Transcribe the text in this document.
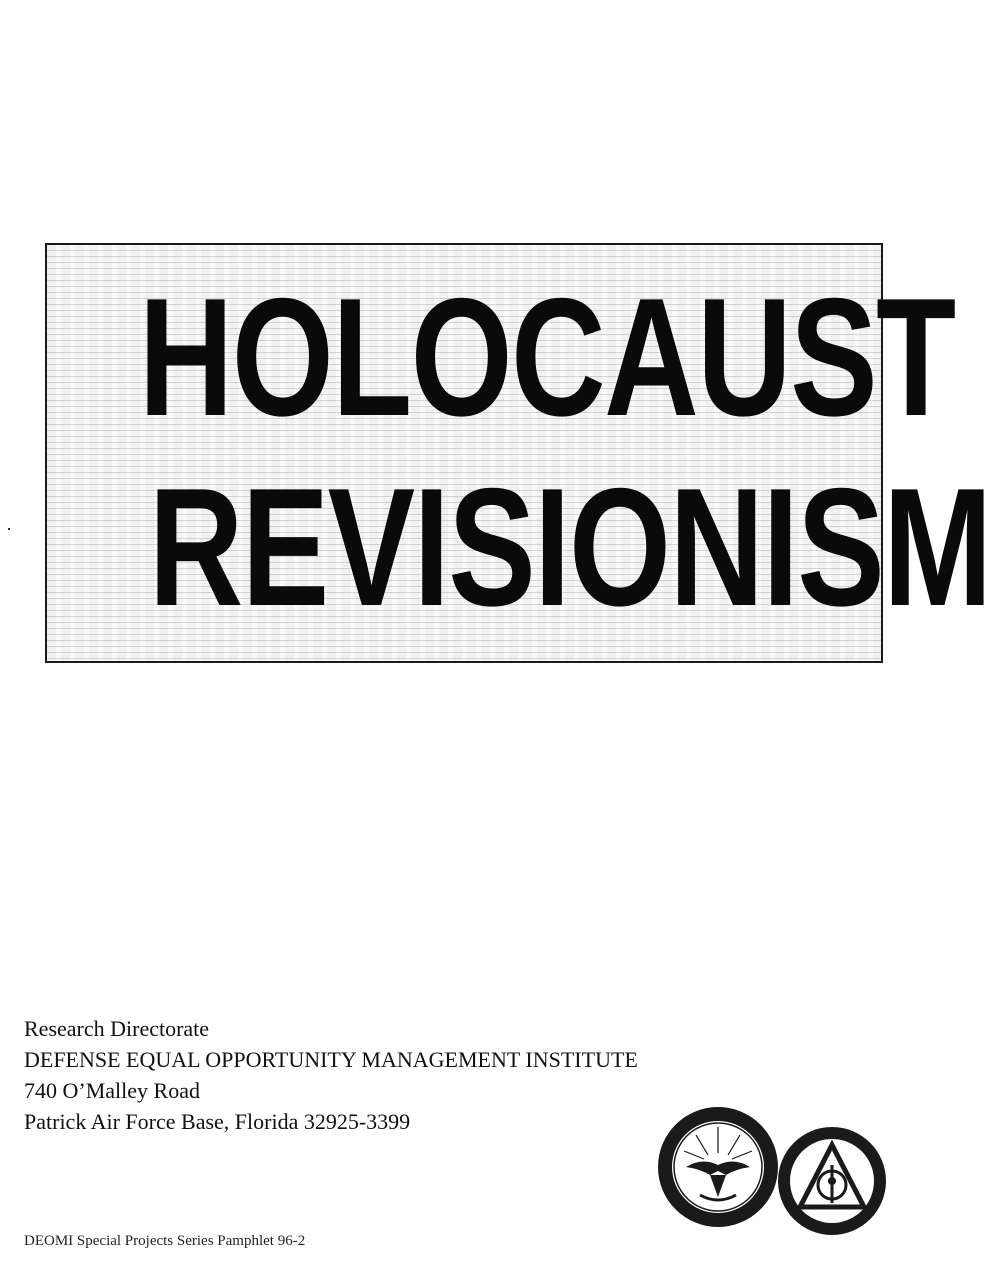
HOLOCAUST
REVISIONISM
Research Directorate
DEFENSE EQUAL OPPORTUNITY MANAGEMENT INSTITUTE
740 O’Malley Road
Patrick Air Force Base, Florida 32925-3399
DEOMI Special Projects Series Pamphlet 96-2
